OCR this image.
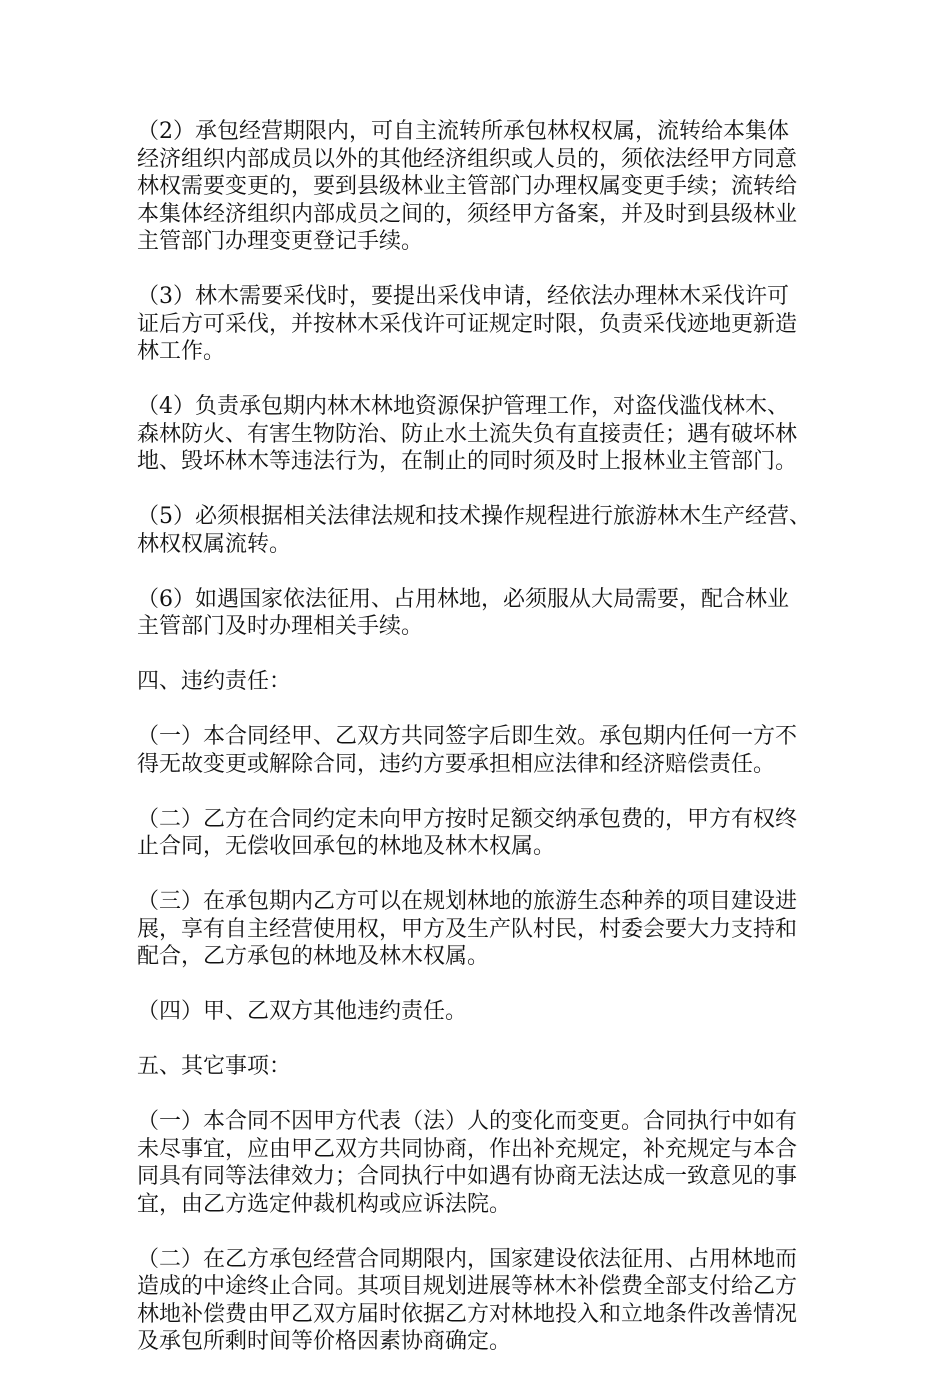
（2）承包经营期限内，可自主流转所承包林权权属，流转给本集体
经济组织内部成员以外的其他经济组织或人员的，须依法经甲方同意
林权需要变更的，要到县级林业主管部门办理权属变更手续；流转给
本集体经济组织内部成员之间的，须经甲方备案，并及时到县级林业
主管部门办理变更登记手续。
（3）林木需要采伐时，要提出采伐申请，经依法办理林木采伐许可
证后方可采伐，并按林木采伐许可证规定时限，负责采伐迹地更新造
林工作。
（4）负责承包期内林木林地资源保护管理工作，对盗伐滥伐林木、
森林防火、有害生物防治、防止水土流失负有直接责任；遇有破坏林
地、毁坏林木等违法行为，在制止的同时须及时上报林业主管部门。
（5）必须根据相关法律法规和技术操作规程进行旅游林木生产经营、
林权权属流转。
（6）如遇国家依法征用、占用林地，必须服从大局需要，配合林业
主管部门及时办理相关手续。
四、违约责任：
（一）本合同经甲、乙双方共同签字后即生效。承包期内任何一方不
得无故变更或解除合同，违约方要承担相应法律和经济赔偿责任。
（二）乙方在合同约定未向甲方按时足额交纳承包费的，甲方有权终
止合同，无偿收回承包的林地及林木权属。
（三）在承包期内乙方可以在规划林地的旅游生态种养的项目建设进
展，享有自主经营使用权，甲方及生产队村民，村委会要大力支持和
配合，乙方承包的林地及林木权属。
（四）甲、乙双方其他违约责任。
五、其它事项：
（一）本合同不因甲方代表（法）人的变化而变更。合同执行中如有
未尽事宜，应由甲乙双方共同协商，作出补充规定，补充规定与本合
同具有同等法律效力；合同执行中如遇有协商无法达成一致意见的事
宜，由乙方选定仲裁机构或应诉法院。
（二）在乙方承包经营合同期限内，国家建设依法征用、占用林地而
造成的中途终止合同。其项目规划进展等林木补偿费全部支付给乙方
林地补偿费由甲乙双方届时依据乙方对林地投入和立地条件改善情况
及承包所剩时间等价格因素协商确定。
